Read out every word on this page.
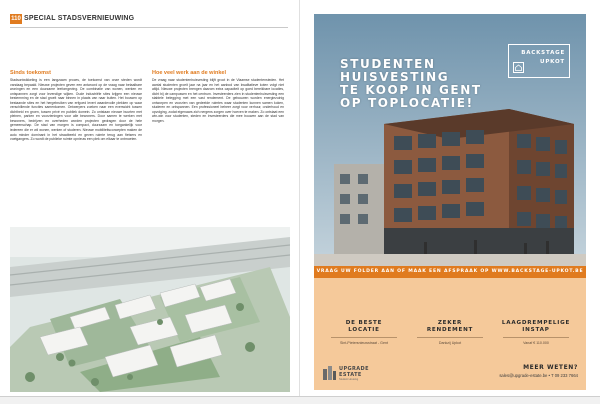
110 SPECIAL STADSVERNIEUWING
Sinds toekomst
Stadsontwikkeling is een langzaam proces, de toekomst van onze steden wordt vandaag bepaald. Nieuwe projecten geven een antwoord op de vraag naar betaalbare woningen en een duurzame leefomgeving. De combinatie van wonen, werken en ontspannen zorgt voor levendige wijken. Oude industriële sites krijgen een nieuwe bestemming en de stad groeit naar binnen in plaats van naar buiten. Het bouwen op bestaande sites en het hergebruiken van erfgoed levert waardevolle plekken op waar verschillende functies samenkomen. Ontwerpers zoeken naar een evenwicht tussen dichtheid en groen, tussen privé en publiek domein. Zo ontstaan nieuwe buurten met pleinen, parken en voorzieningen voor alle bewoners. Door samen te werken met bewoners, bedrijven en overheden worden projecten gedragen door de hele gemeenschap. De stad van morgen is compact, duurzaam en toegankelijk voor iedereen die er wil wonen, werken of studeren. Nieuwe mobiliteitsconcepten maken de auto minder dominant in het straatbeeld en geven ruimte terug aan fietsers en voetgangers. Zo wordt de publieke ruimte opnieuw een plek om elkaar te ontmoeten.
Hoe veel werk aan de winkel
De vraag naar studentenhuisvesting blijft groot in de Vlaamse studentensteden. Het aantal studenten groeit jaar na jaar en het aanbod van kwalitatieve koten volgt niet altijd. Nieuwe projecten brengen daarom extra capaciteit op goed bereikbare locaties, dicht bij de campussen en het centrum. Investeerders zien in studentenhuisvesting een stabiele belegging met een vast rendement. De gebouwen worden energiezuinig ontworpen en voorzien van gedeelde ruimtes waar studenten kunnen samen koken, studeren en ontspannen. Een professioneel beheer zorgt voor verhuur, onderhoud en opvolging, zodat eigenaars zich nergens zorgen over hoeven te maken. Zo ontstaat een win-win voor studenten, steden en investeerders die mee bouwen aan de stad van morgen.
STUDENTEN
HUISVESTING
TE KOOP IN GENT
OP TOPLOCATIE!
BACKSTAGE
UPKOT
VRAAG UW FOLDER AAN OF MAAK EEN AFSPRAAK OP WWW.BACKSTAGE-UPKOT.BE
DE BESTE
LOCATIE
Sint-Pietersnieuwstraat - Gent
ZEKER
RENDEMENT
Dankzij Upkot
LAAGDREMPELIGE
INSTAP
Vanaf € 110.000
UPGRADE
ESTATE
Student Housing
MEER WETEN?
sales@upgrade-estate.be • T 09 233 7664
